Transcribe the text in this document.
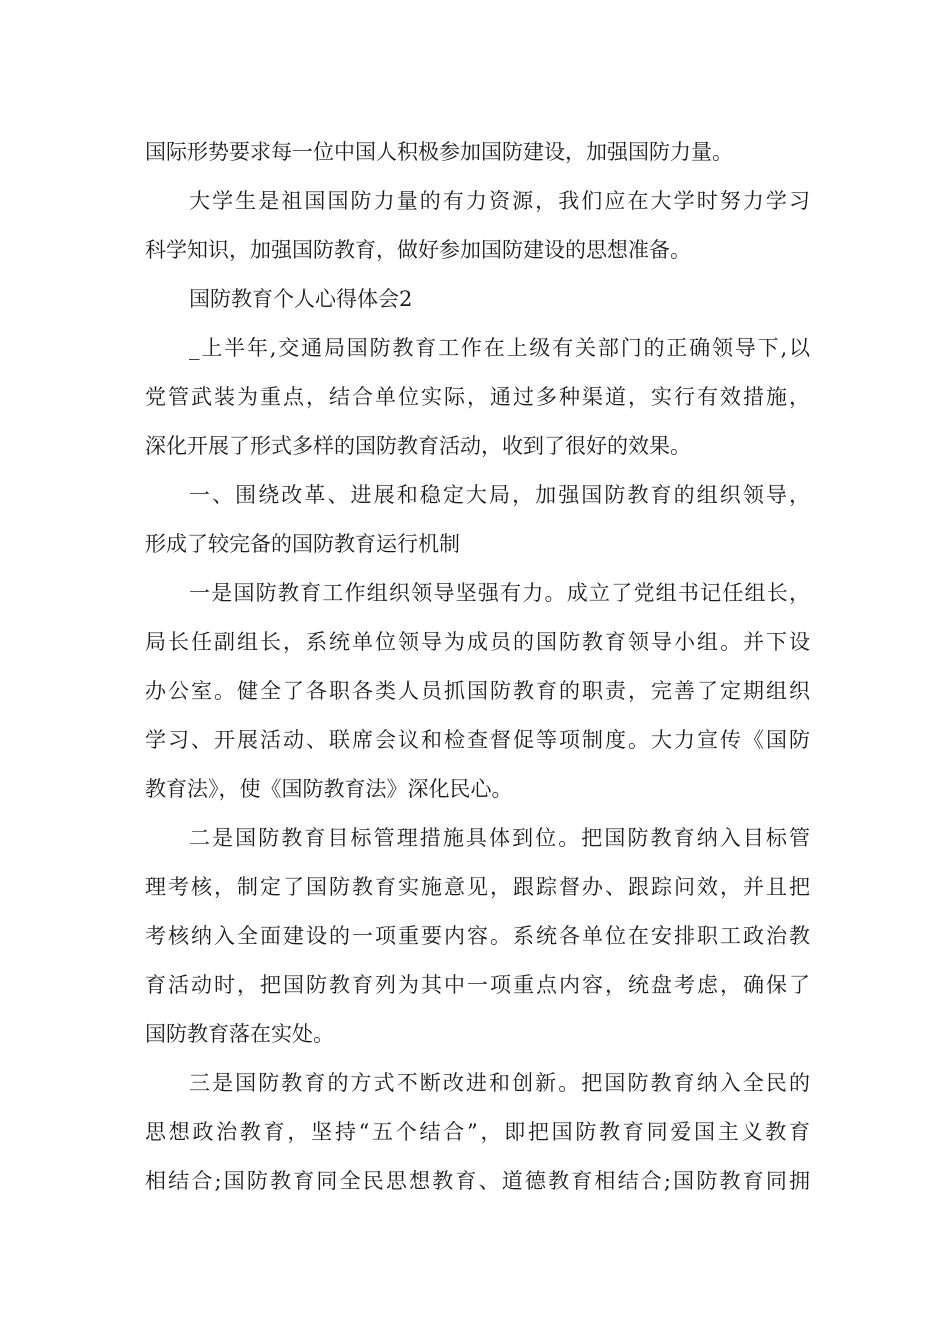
国际形势要求每一位中国人积极参加国防建设，加强国防力量。
大学生是祖国国防力量的有力资源，我们应在大学时努力学习
科学知识，加强国防教育，做好参加国防建设的思想准备。
国防教育个人心得体会2
_上半年,交通局国防教育工作在上级有关部门的正确领导下,以
党管武装为重点，结合单位实际，通过多种渠道，实行有效措施，
深化开展了形式多样的国防教育活动，收到了很好的效果。
一、围绕改革、进展和稳定大局，加强国防教育的组织领导，
形成了较完备的国防教育运行机制
一是国防教育工作组织领导坚强有力。成立了党组书记任组长，
局长任副组长，系统单位领导为成员的国防教育领导小组。并下设
办公室。健全了各职各类人员抓国防教育的职责，完善了定期组织
学习、开展活动、联席会议和检查督促等项制度。大力宣传《国防
教育法》，使《国防教育法》深化民心。
二是国防教育目标管理措施具体到位。把国防教育纳入目标管
理考核，制定了国防教育实施意见，跟踪督办、跟踪问效，并且把
考核纳入全面建设的一项重要内容。系统各单位在安排职工政治教
育活动时，把国防教育列为其中一项重点内容，统盘考虑，确保了
国防教育落在实处。
三是国防教育的方式不断改进和创新。把国防教育纳入全民的
思想政治教育，坚持“五个结合”，即把国防教育同爱国主义教育
相结合;国防教育同全民思想教育、道德教育相结合;国防教育同拥
